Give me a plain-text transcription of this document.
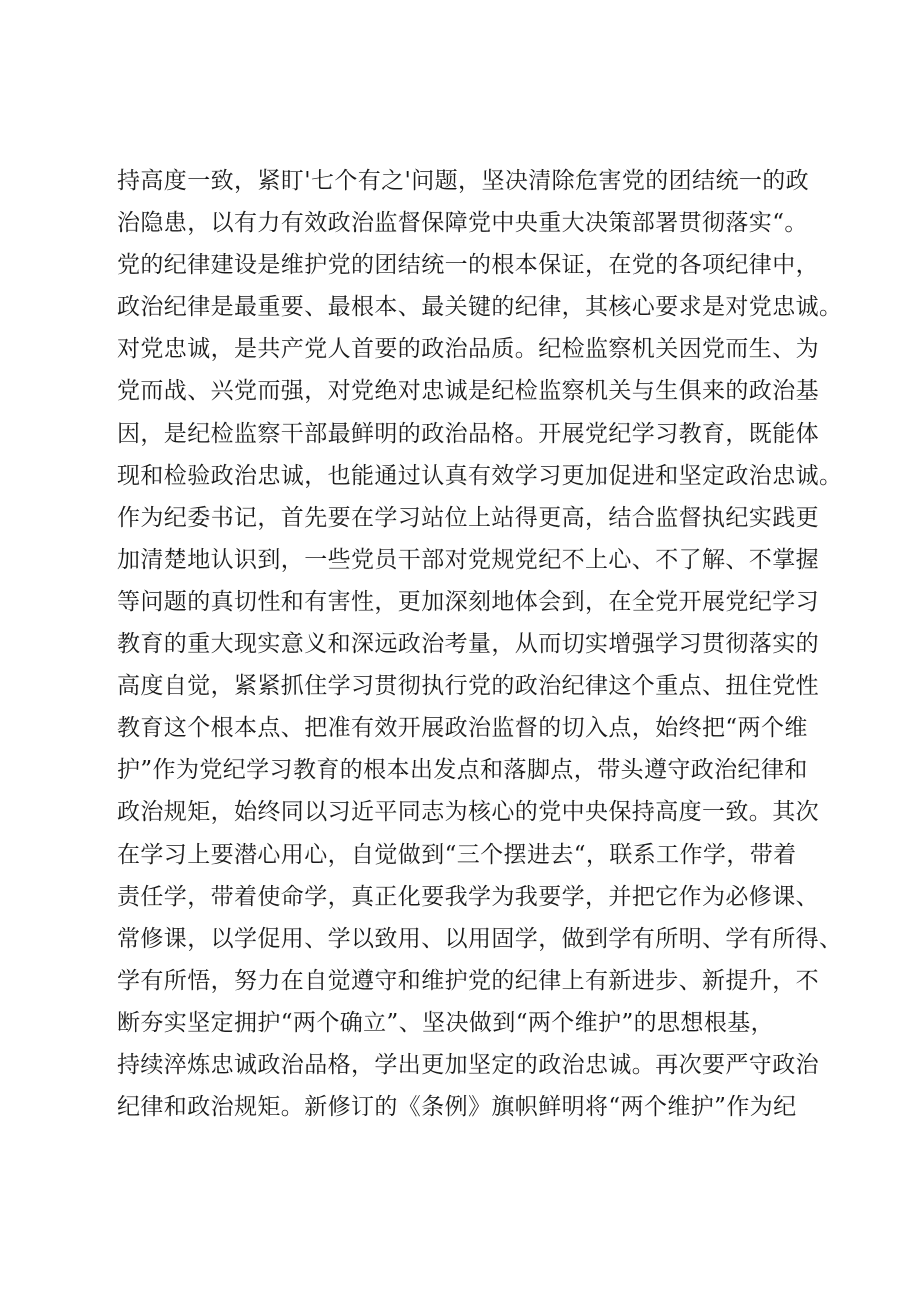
持高度一致，紧盯'七个有之'问题，坚决清除危害党的团结统一的政
治隐患，以有力有效政治监督保障党中央重大决策部署贯彻落实“。
党的纪律建设是维护党的团结统一的根本保证，在党的各项纪律中，
政治纪律是最重要、最根本、最关键的纪律，其核心要求是对党忠诚。
对党忠诚，是共产党人首要的政治品质。纪检监察机关因党而生、为
党而战、兴党而强，对党绝对忠诚是纪检监察机关与生俱来的政治基
因，是纪检监察干部最鲜明的政治品格。开展党纪学习教育，既能体
现和检验政治忠诚，也能通过认真有效学习更加促进和坚定政治忠诚。
作为纪委书记，首先要在学习站位上站得更高，结合监督执纪实践更
加清楚地认识到，一些党员干部对党规党纪不上心、不了解、不掌握
等问题的真切性和有害性，更加深刻地体会到，在全党开展党纪学习
教育的重大现实意义和深远政治考量，从而切实增强学习贯彻落实的
高度自觉，紧紧抓住学习贯彻执行党的政治纪律这个重点、扭住党性
教育这个根本点、把准有效开展政治监督的切入点，始终把“两个维
护”作为党纪学习教育的根本出发点和落脚点，带头遵守政治纪律和
政治规矩，始终同以习近平同志为核心的党中央保持高度一致。其次
在学习上要潜心用心，自觉做到“三个摆进去“，联系工作学，带着
责任学，带着使命学，真正化要我学为我要学，并把它作为必修课、
常修课，以学促用、学以致用、以用固学，做到学有所明、学有所得、
学有所悟，努力在自觉遵守和维护党的纪律上有新进步、新提升，不
断夯实坚定拥护“两个确立”、坚决做到“两个维护”的思想根基，
持续淬炼忠诚政治品格，学出更加坚定的政治忠诚。再次要严守政治
纪律和政治规矩。新修订的《条例》旗帜鲜明将“两个维护”作为纪
